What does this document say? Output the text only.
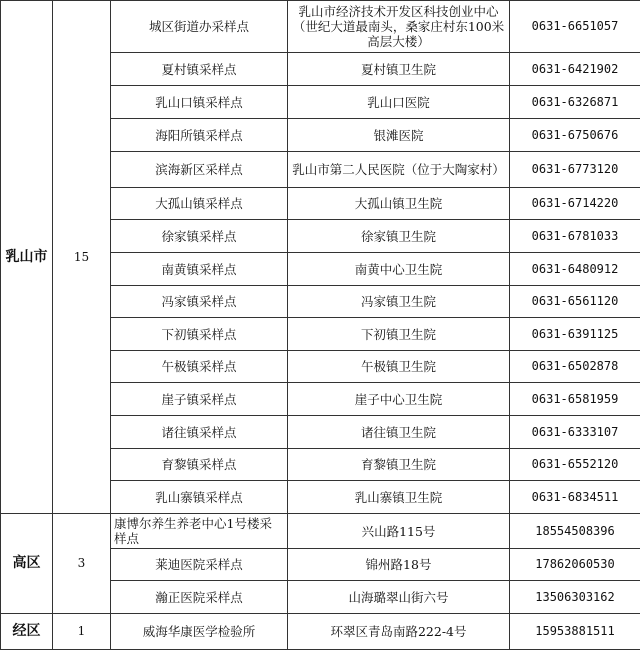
乳山市	15	城区街道办采样点	乳山市经济技术开发区科技创业中心（世纪大道最南头，桑家庄村东100米高层大楼）	0631-6651057
		夏村镇采样点	夏村镇卫生院	0631-6421902
		乳山口镇采样点	乳山口医院	0631-6326871
		海阳所镇采样点	银滩医院	0631-6750676
		滨海新区采样点	乳山市第二人民医院（位于大陶家村）	0631-6773120
		大孤山镇采样点	大孤山镇卫生院	0631-6714220
		徐家镇采样点	徐家镇卫生院	0631-6781033
		南黄镇采样点	南黄中心卫生院	0631-6480912
		冯家镇采样点	冯家镇卫生院	0631-6561120
		下初镇采样点	下初镇卫生院	0631-6391125
		午极镇采样点	午极镇卫生院	0631-6502878
		崖子镇采样点	崖子中心卫生院	0631-6581959
		诸往镇采样点	诸往镇卫生院	0631-6333107
		育黎镇采样点	育黎镇卫生院	0631-6552120
		乳山寨镇采样点	乳山寨镇卫生院	0631-6834511
高区	3	康博尔养生养老中心1号楼采样点	兴山路115号	18554508396
		莱迪医院采样点	锦州路18号	17862060530
		瀚正医院采样点	山海璐翠山街六号	13506303162
经区	1	威海华康医学检验所	环翠区青岛南路222-4号	15953881511
